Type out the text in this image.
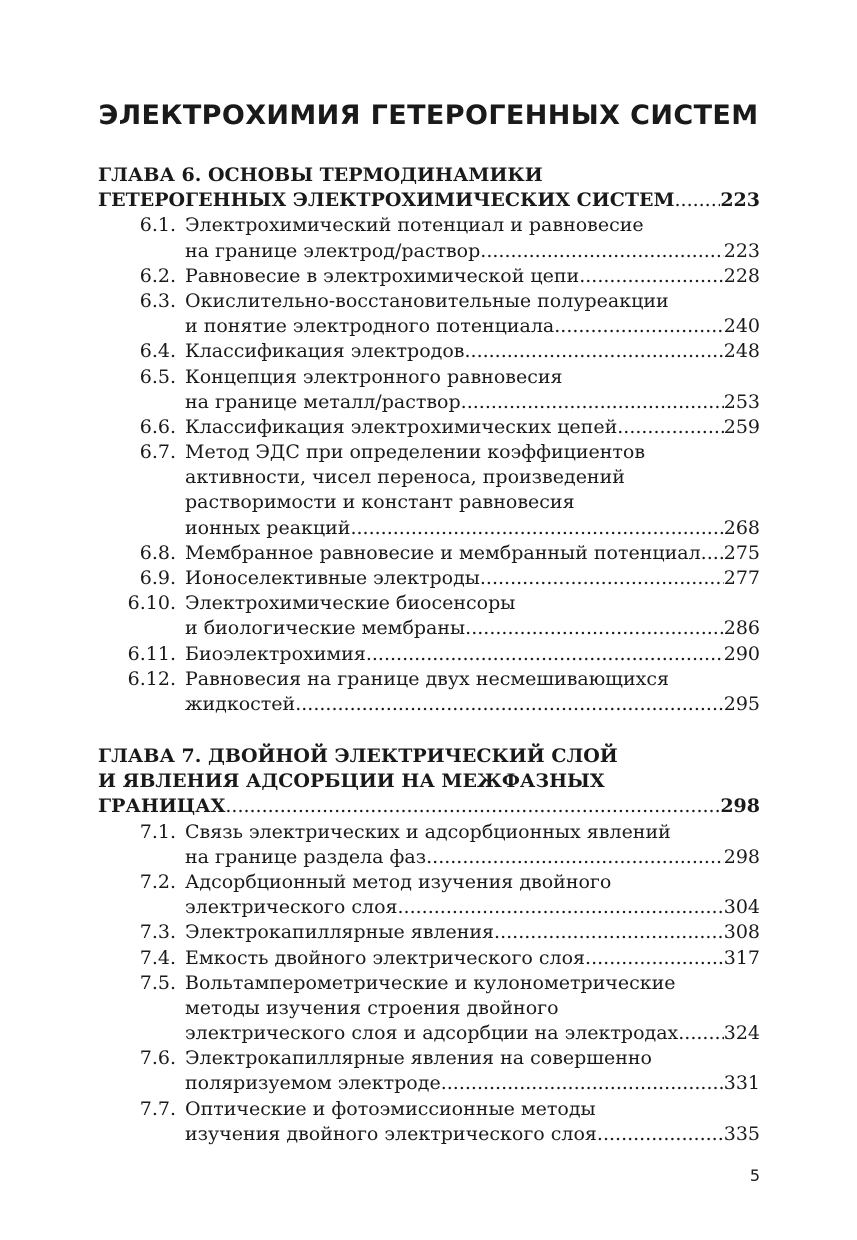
ЭЛЕКТРОХИМИЯ ГЕТЕРОГЕННЫХ СИСТЕМ
ГЛАВА 6. ОСНОВЫ ТЕРМОДИНАМИКИ
ГЕТЕРОГЕННЫХ ЭЛЕКТРОХИМИЧЕСКИХ СИСТЕМ ..... 223
6.1. Электрохимический потенциал и равновесие
на границе электрод/раствор .....	223
6.2. Равновесие в электрохимической цепи .....	228
6.3. Окислительно-восстановительные полуреакции
и понятие электродного потенциала .....	240
6.4. Классификация электродов .....	248
6.5. Концепция электронного равновесия
на границе металл/раствор .....	253
6.6. Классификация электрохимических цепей .....	259
6.7. Метод ЭДС при определении коэффициентов
активности, чисел переноса, произведений
растворимости и констант равновесия
ионных реакций .....	268
6.8. Мембранное равновесие и мембранный потенциал ..... 275
6.9. Ионоселективные электроды .....	277
6.10. Электрохимические биосенсоры
и биологические мембраны .....	286
6.11. Биоэлектрохимия .....	290
6.12. Равновесия на границе двух несмешивающихся
жидкостей .....	295
ГЛАВА 7. ДВОЙНОЙ ЭЛЕКТРИЧЕСКИЙ СЛОЙ
И ЯВЛЕНИЯ АДСОРБЦИИ НА МЕЖФАЗНЫХ
ГРАНИЦАХ .....	298
7.1. Связь электрических и адсорбционных явлений
на границе раздела фаз .....	298
7.2. Адсорбционный метод изучения двойного
электрического слоя .....	304
7.3. Электрокапиллярные явления .....	308
7.4. Емкость двойного электрического слоя .....	317
7.5. Вольтамперометрические и кулонометрические
методы изучения строения двойного
электрического слоя и адсорбции на электродах ..... 324
7.6. Электрокапиллярные явления на совершенно
поляризуемом электроде .....	331
7.7. Оптические и фотоэмиссионные методы
изучения двойного электрического слоя .....	335
5
